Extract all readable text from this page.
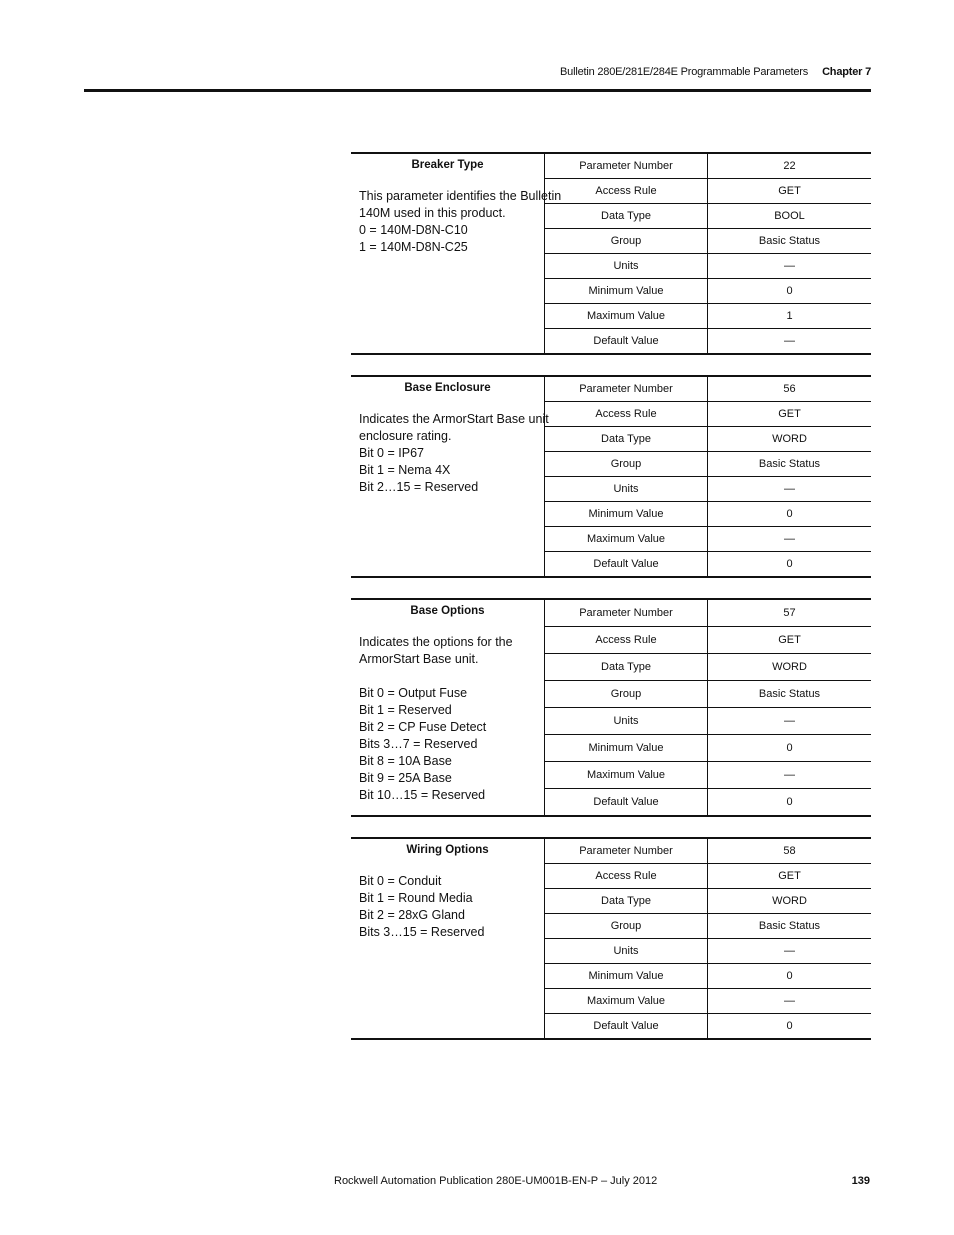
Bulletin 280E/281E/284E Programmable Parameters Chapter 7
Breaker Type
This parameter identifies the Bulletin
140M used in this product.
0 = 140M-D8N-C10
1 = 140M-D8N-C25
Parameter Number	22
Access Rule	GET
Data Type	BOOL
Group	Basic Status
Units	—
Minimum Value	0
Maximum Value	1
Default Value	—
Base Enclosure
Indicates the ArmorStart Base unit
enclosure rating.
Bit 0 = IP67
Bit 1 = Nema 4X
Bit 2…15 = Reserved
Parameter Number	56
Access Rule	GET
Data Type	WORD
Group	Basic Status
Units	—
Minimum Value	0
Maximum Value	—
Default Value	0
Base Options
Indicates the options for the
ArmorStart Base unit.
Bit 0 = Output Fuse
Bit 1 = Reserved
Bit 2 = CP Fuse Detect
Bits 3…7 = Reserved
Bit 8 = 10A Base
Bit 9 = 25A Base
Bit 10…15 = Reserved
Parameter Number	57
Access Rule	GET
Data Type	WORD
Group	Basic Status
Units	—
Minimum Value	0
Maximum Value	—
Default Value	0
Wiring Options
Bit 0 = Conduit
Bit 1 = Round Media
Bit 2 = 28xG Gland
Bits 3…15 = Reserved
Parameter Number	58
Access Rule	GET
Data Type	WORD
Group	Basic Status
Units	—
Minimum Value	0
Maximum Value	—
Default Value	0
Rockwell Automation Publication 280E-UM001B-EN-P – July 2012	139
